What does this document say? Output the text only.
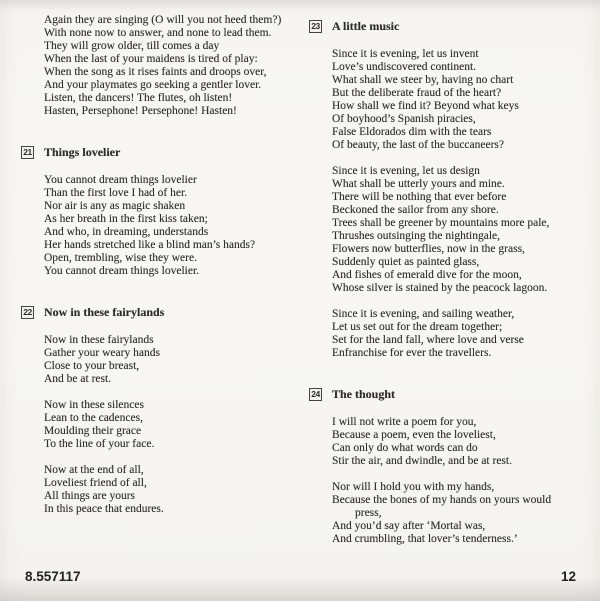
Again they are singing (O will you not heed them?)
With none now to answer, and none to lead them.
They will grow older, till comes a day
When the last of your maidens is tired of play:
When the song as it rises faints and droops over,
And your playmates go seeking a gentler lover.
Listen, the dancers! The flutes, oh listen!
Hasten, Persephone! Persephone! Hasten!
21 Things lovelier
You cannot dream things lovelier
Than the first love I had of her.
Nor air is any as magic shaken
As her breath in the first kiss taken;
And who, in dreaming, understands
Her hands stretched like a blind man’s hands?
Open, trembling, wise they were.
You cannot dream things lovelier.
22 Now in these fairylands
Now in these fairylands
Gather your weary hands
Close to your breast,
And be at rest.
Now in these silences
Lean to the cadences,
Moulding their grace
To the line of your face.
Now at the end of all,
Loveliest friend of all,
All things are yours
In this peace that endures.
23 A little music
Since it is evening, let us invent
Love’s undiscovered continent.
What shall we steer by, having no chart
But the deliberate fraud of the heart?
How shall we find it? Beyond what keys
Of boyhood’s Spanish piracies,
False Eldorados dim with the tears
Of beauty, the last of the buccaneers?
Since it is evening, let us design
What shall be utterly yours and mine.
There will be nothing that ever before
Beckoned the sailor from any shore.
Trees shall be greener by mountains more pale,
Thrushes outsinging the nightingale,
Flowers now butterflies, now in the grass,
Suddenly quiet as painted glass,
And fishes of emerald dive for the moon,
Whose silver is stained by the peacock lagoon.
Since it is evening, and sailing weather,
Let us set out for the dream together;
Set for the land fall, where love and verse
Enfranchise for ever the travellers.
24 The thought
I will not write a poem for you,
Because a poem, even the loveliest,
Can only do what words can do
Stir the air, and dwindle, and be at rest.
Nor will I hold you with my hands,
Because the bones of my hands on yours would
press,
And you’d say after ‘Mortal was,
And crumbling, that lover’s tenderness.’
8.557117	12
